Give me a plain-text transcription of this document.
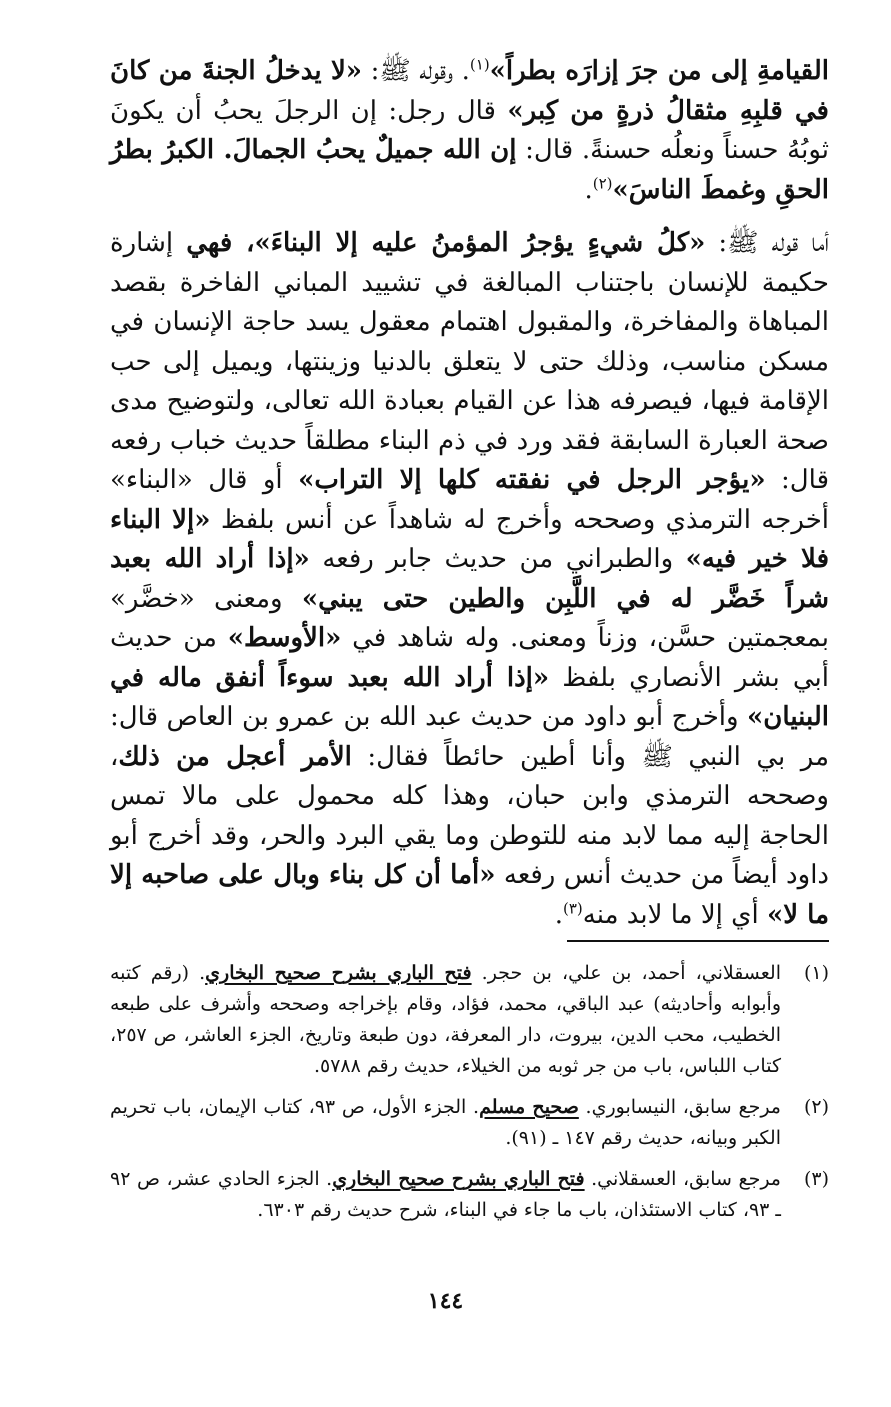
القيامةِ إلى من جرَ إزارَه بطراً»$^{(١)}$. وقوله ﷺ: «لا يدخلُ الجنةَ من كانَ في قلبِهِ مثقالُ ذرةٍ من كِبر» قال رجل: إن الرجلَ يحبُ أن يكونَ ثوبُهُ حسناً ونعلُه حسنةً. قال: إن الله جميلٌ يحبُ الجمالَ. الكبرُ بطرُ الحقِ وغمطَ الناسَ»$^{(٢)}$.

أما قوله ﷺ: «كلُ شيءٍ يؤجرُ المؤمنُ عليه إلا البناءَ»، فهي إشارة حكيمة للإنسان باجتناب المبالغة في تشييد المباني الفاخرة بقصد المباهاة والمفاخرة، والمقبول اهتمام معقول يسد حاجة الإنسان في مسكن مناسب، وذلك حتى لا يتعلق بالدنيا وزينتها، ويميل إلى حب الإقامة فيها، فيصرفه هذا عن القيام بعبادة الله تعالى، ولتوضيح مدى صحة العبارة السابقة فقد ورد في ذم البناء مطلقاً حديث خباب رفعه قال: «يؤجر الرجل في نفقته كلها إلا التراب» أو قال «البناء» أخرجه الترمذي وصححه وأخرج له شاهداً عن أنس بلفظ «إلا البناء فلا خير فيه» والطبراني من حديث جابر رفعه «إذا أراد الله بعبد شراً خَضَّر له في اللَّبِن والطين حتى يبني» ومعنى «خضَّر» بمعجمتين حسَّن، وزناً ومعنى. وله شاهد في «الأوسط» من حديث أبي بشر الأنصاري بلفظ «إذا أراد الله بعبد سوءاً أنفق ماله في البنيان» وأخرج أبو داود من حديث عبد الله بن عمرو بن العاص قال: مر بي النبي ﷺ وأنا أطين حائطاً فقال: الأمر أعجل من ذلك، وصححه الترمذي وابن حبان، وهذا كله محمول على مالا تمس الحاجة إليه مما لابد منه للتوطن وما يقي البرد والحر، وقد أخرج أبو داود أيضاً من حديث أنس رفعه «أما أن كل بناء وبال على صاحبه إلا ما لا» أي إلا ما لابد منه$^{(٣)}$.

(١)
العسقلاني، أحمد، بن علي، بن حجر. فتح الباري بشرح صحيح البخاري. (رقم كتبه وأبوابه وأحاديثه) عبد الباقي، محمد، فؤاد، وقام بإخراجه وصححه وأشرف على طبعه الخطيب، محب الدين، بيروت، دار المعرفة، دون طبعة وتاريخ، الجزء العاشر، ص ٢٥٧، كتاب اللباس، باب من جر ثوبه من الخيلاء، حديث رقم ٥٧٨٨.
(٢)
مرجع سابق، النيسابوري. صحيح مسلم. الجزء الأول، ص ٩٣، كتاب الإيمان، باب تحريم الكبر وبيانه، حديث رقم ١٤٧ ـ (٩١).
(٣)
مرجع سابق، العسقلاني. فتح الباري بشرح صحيح البخاري. الجزء الحادي عشر، ص ٩٢ ـ ٩٣، كتاب الاستئذان، باب ما جاء في البناء، شرح حديث رقم ٦٣٠٣.
١٤٤
